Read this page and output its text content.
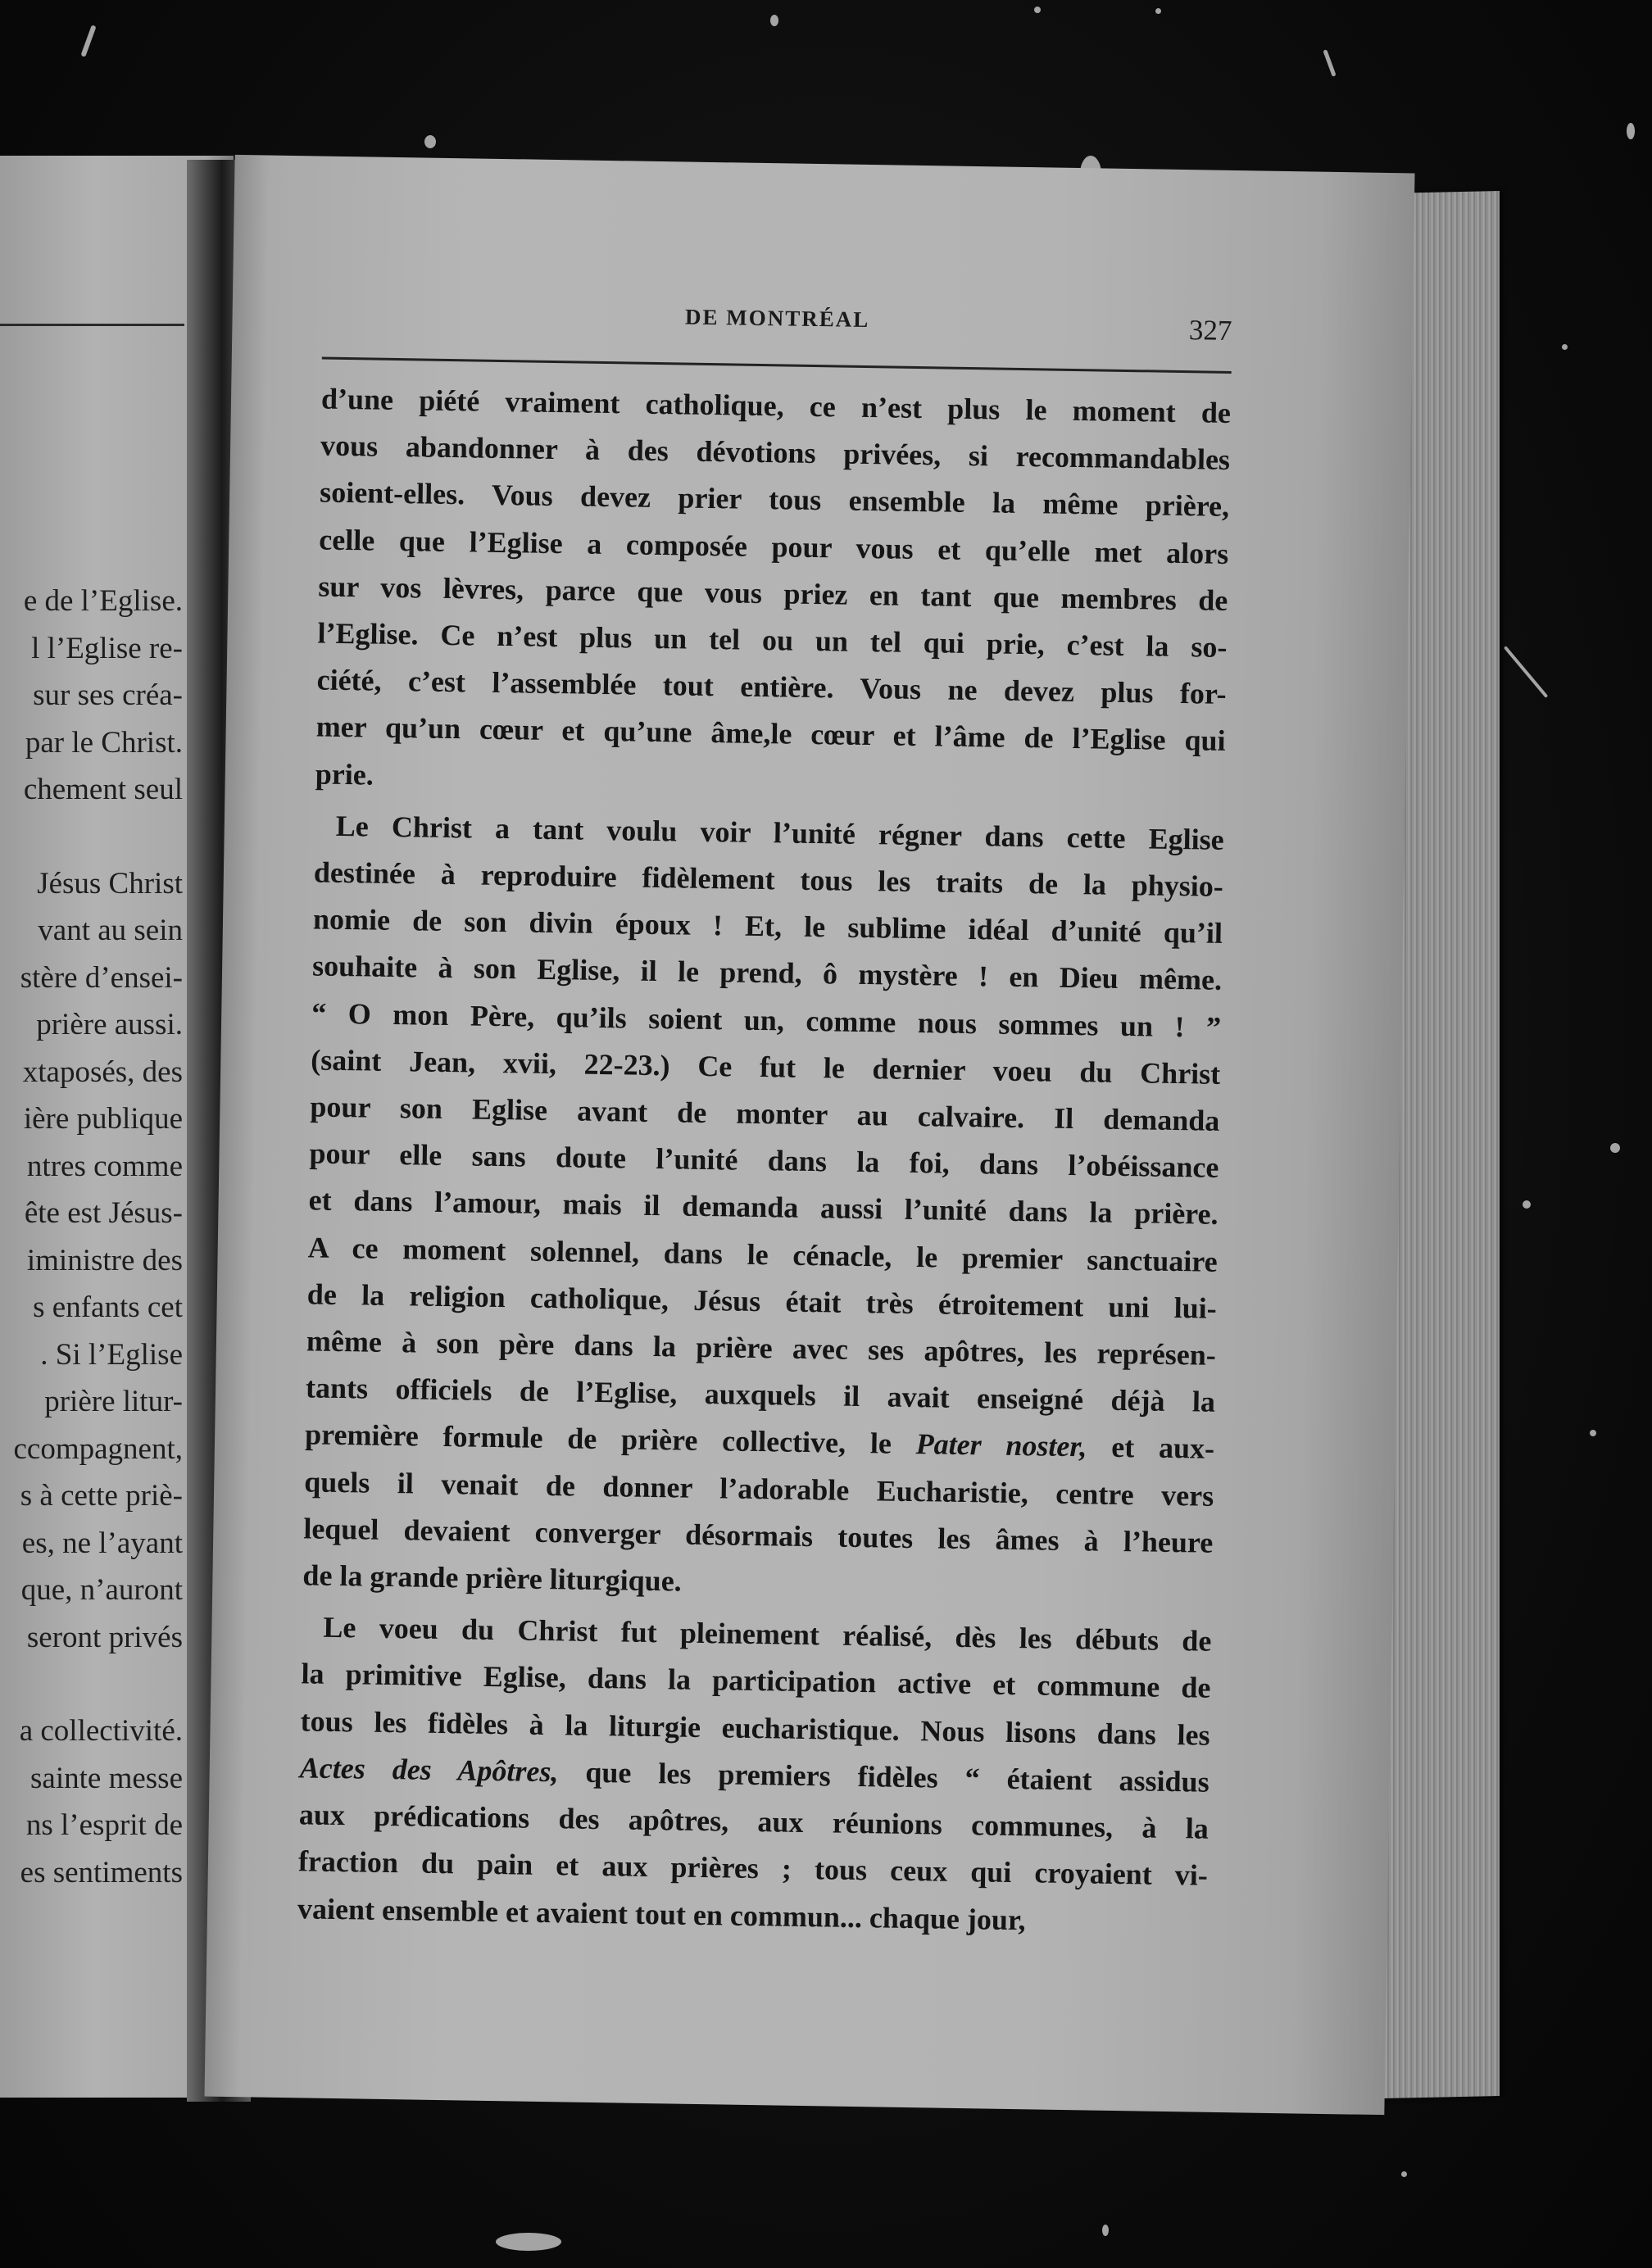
e de l’Eglise.
l l’Eglise re-
sur ses créa-
par le Christ.
chement seul
Jésus Christ
vant au sein
stère d’ensei-
prière aussi.
xtaposés, des
ière publique
ntres comme
ête est Jésus-
iministre des
s enfants cet
. Si l’Eglise
prière litur-
ccompagnent,
s à cette priè-
es, ne l’ayant
que, n’auront
seront privés
a collectivité.
sainte messe
ns l’esprit de
es sentiments
DE MONTRÉAL	327
d’une piété vraiment catholique, ce n’est plus le moment de
vous abandonner à des dévotions privées, si recommandables
soient-elles. Vous devez prier tous ensemble la même prière,
celle que l’Eglise a composée pour vous et qu’elle met alors
sur vos lèvres, parce que vous priez en tant que membres de
l’Eglise. Ce n’est plus un tel ou un tel qui prie, c’est la so-
ciété, c’est l’assemblée tout entière. Vous ne devez plus for-
mer qu’un cœur et qu’une âme,le cœur et l’âme de l’Eglise qui
prie.
Le Christ a tant voulu voir l’unité régner dans cette Eglise
destinée à reproduire fidèlement tous les traits de la physio-
nomie de son divin époux ! Et, le sublime idéal d’unité qu’il
souhaite à son Eglise, il le prend, ô mystère ! en Dieu même.
“ O mon Père, qu’ils soient un, comme nous sommes un ! ”
(saint Jean, xvii, 22-23.) Ce fut le dernier voeu du Christ
pour son Eglise avant de monter au calvaire. Il demanda
pour elle sans doute l’unité dans la foi, dans l’obéissance
et dans l’amour, mais il demanda aussi l’unité dans la prière.
A ce moment solennel, dans le cénacle, le premier sanctuaire
de la religion catholique, Jésus était très étroitement uni lui-
même à son père dans la prière avec ses apôtres, les représen-
tants officiels de l’Eglise, auxquels il avait enseigné déjà la
première formule de prière collective, le Pater noster, et aux-
quels il venait de donner l’adorable Eucharistie, centre vers
lequel devaient converger désormais toutes les âmes à l’heure
de la grande prière liturgique.
Le voeu du Christ fut pleinement réalisé, dès les débuts de
la primitive Eglise, dans la participation active et commune de
tous les fidèles à la liturgie eucharistique. Nous lisons dans les
Actes des Apôtres, que les premiers fidèles “ étaient assidus
aux prédications des apôtres, aux réunions communes, à la
fraction du pain et aux prières ; tous ceux qui croyaient vi-
vaient ensemble et avaient tout en commun... chaque jour,
